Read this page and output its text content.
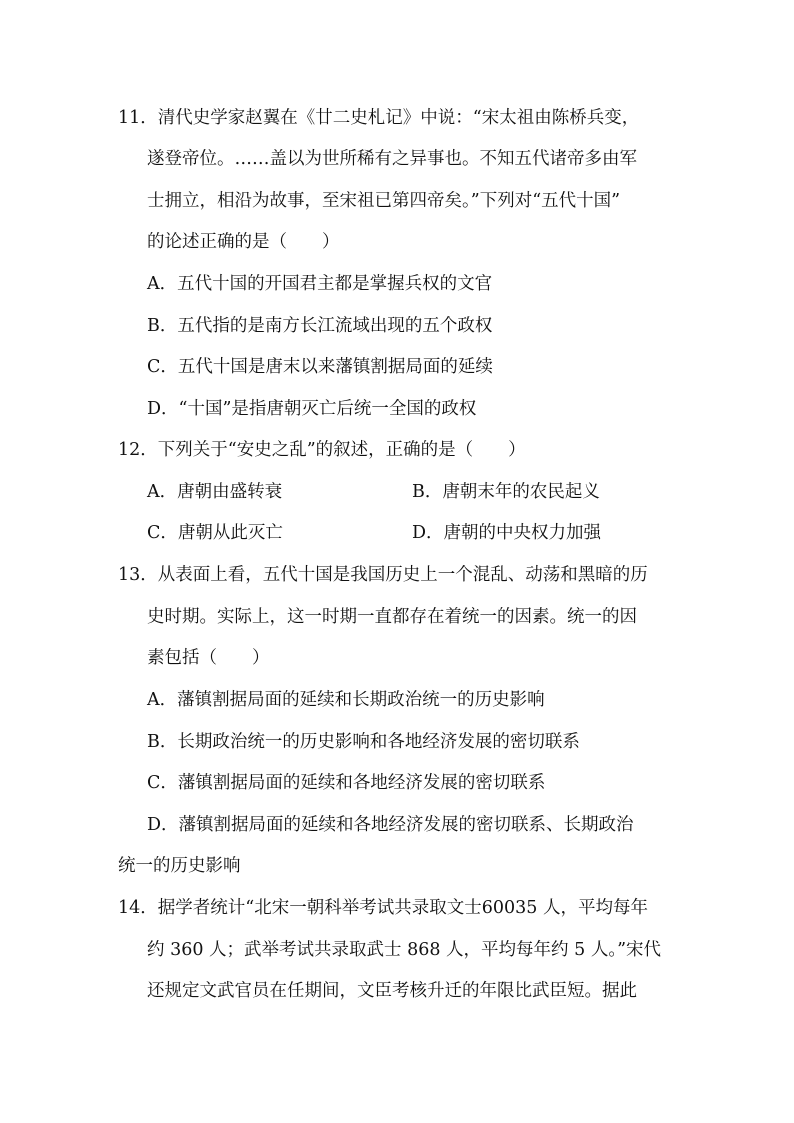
11．清代史学家赵翼在《廿二史札记》中说：“宋太祖由陈桥兵变，
遂登帝位。……盖以为世所稀有之异事也。不知五代诸帝多由军
士拥立，相沿为故事，至宋祖已第四帝矣。”下列对“五代十国”
的论述正确的是（　　）
A．五代十国的开国君主都是掌握兵权的文官
B．五代指的是南方长江流域出现的五个政权
C．五代十国是唐末以来藩镇割据局面的延续
D．“十国”是指唐朝灭亡后统一全国的政权
12．下列关于“安史之乱”的叙述，正确的是（　　）
A．唐朝由盛转衰	B．唐朝末年的农民起义
C．唐朝从此灭亡	D．唐朝的中央权力加强
13．从表面上看，五代十国是我国历史上一个混乱、动荡和黑暗的历
史时期。实际上，这一时期一直都存在着统一的因素。统一的因
素包括（　　）
A．藩镇割据局面的延续和长期政治统一的历史影响
B．长期政治统一的历史影响和各地经济发展的密切联系
C．藩镇割据局面的延续和各地经济发展的密切联系
D．藩镇割据局面的延续和各地经济发展的密切联系、长期政治
统一的历史影响
14．据学者统计“北宋一朝科举考试共录取文士60035 人，平均每年
约 360 人；武举考试共录取武士 868 人，平均每年约 5 人。”宋代
还规定文武官员在任期间，文臣考核升迁的年限比武臣短。据此
